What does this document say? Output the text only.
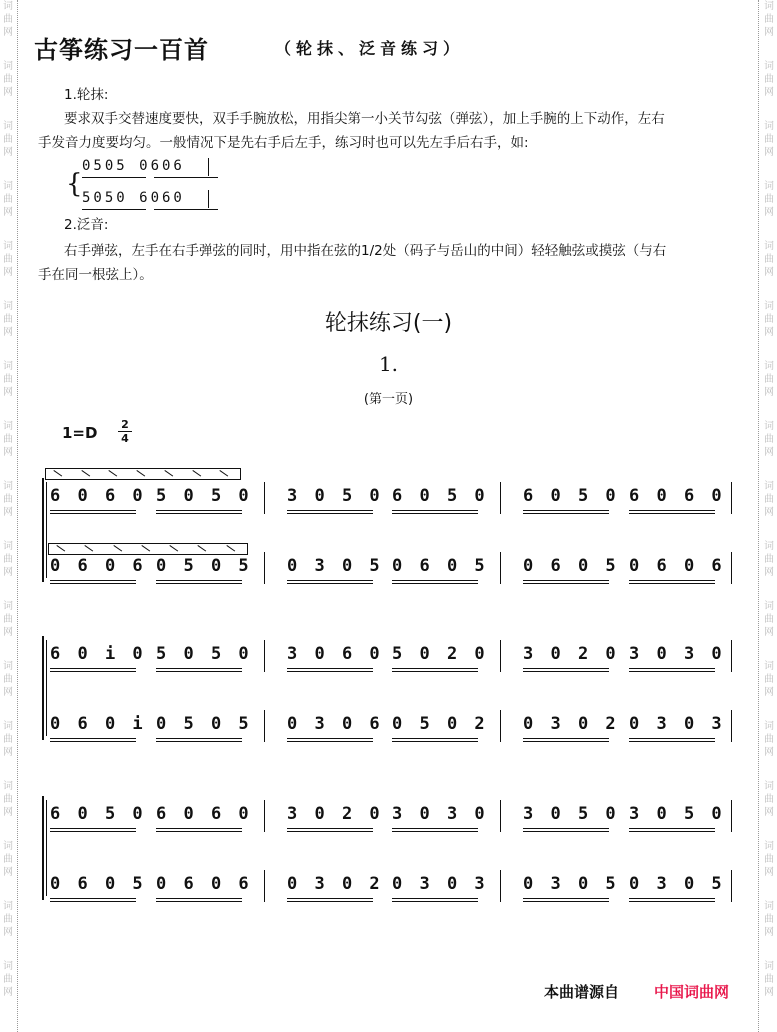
词
曲
网
词
曲
网
词
曲
网
词
曲
网
词
曲
网
词
曲
网
词
曲
网
词
曲
网
词
曲
网
词
曲
网
词
曲
网
词
曲
网
词
曲
网
词
曲
网
词
曲
网
词
曲
网
词
曲
网
词
曲
网
词
曲
网
词
曲
网
词
曲
网
词
曲
网
词
曲
网
词
曲
网
词
曲
网
词
曲
网
词
曲
网
词
曲
网
词
曲
网
词
曲
网
词
曲
网
词
曲
网
词
曲
网
词
曲
网
古筝练习一百首	（轮抹、泛音练习）
1.轮抹:
要求双手交替速度要快，双手手腕放松，用指尖第一小关节勾弦（弹弦），加上手腕的上下动作，左右
手发音力度要均匀。一般情况下是先右手后左手，练习时也可以先左手后右手，如:
{
0505 0606
5050 6060
2.泛音:
右手弹弦，左手在右手弹弦的同时，用中指在弦的1/2处（码子与岳山的中间）轻轻触弦或摸弦（与右
手在同一根弦上）。
轮抹练习(一)
1.
(第一页)
1=D 2
4
6 0 6 0 5 0 5 0 3 0 5 0 6 0 5 0 6 0 5 0 6 0 6 0
0 6 0 6 0 5 0 5 0 3 0 5 0 6 0 5 0 6 0 5 0 6 0 6
6 0 i 0 5 0 5 0 3 0 6 0 5 0 2 0 3 0 2 0 3 0 3 0
0 6 0 i 0 5 0 5 0 3 0 6 0 5 0 2 0 3 0 2 0 3 0 3
6 0 5 0 6 0 6 0 3 0 2 0 3 0 3 0 3 0 5 0 3 0 5 0
0 6 0 5 0 6 0 6 0 3 0 2 0 3 0 3 0 3 0 5 0 3 0 5
本曲谱源自 中国词曲网
